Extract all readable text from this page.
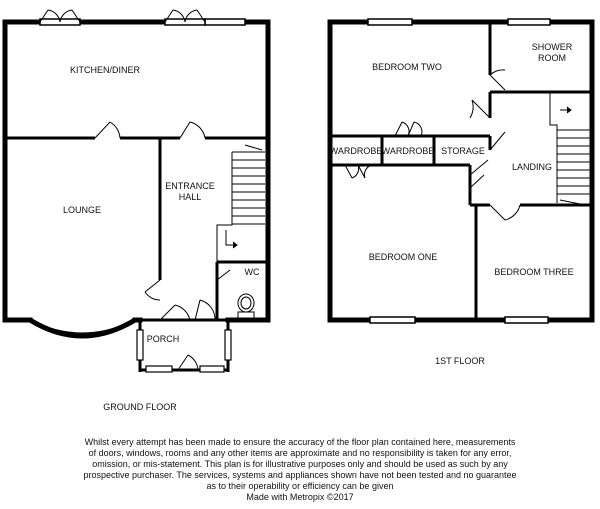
KITCHEN/DINER
LOUNGE
ENTRANCE
HALL
WC
PORCH
GROUND FLOOR
BEDROOM TWO
SHOWER
ROOM
WARDROBE WARDROBE STORAGE
LANDING
BEDROOM ONE
BEDROOM THREE
1ST FLOOR
Whilst every attempt has been made to ensure the accuracy of the floor plan contained here, measurements
of doors, windows, rooms and any other items are approximate and no responsibility is taken for any error,
omission, or mis-statement. This plan is for illustrative purposes only and should be used as such by any
prospective purchaser. The services, systems and appliances shown have not been tested and no guarantee
as to their operability or efficiency can be given
Made with Metropix ©2017
